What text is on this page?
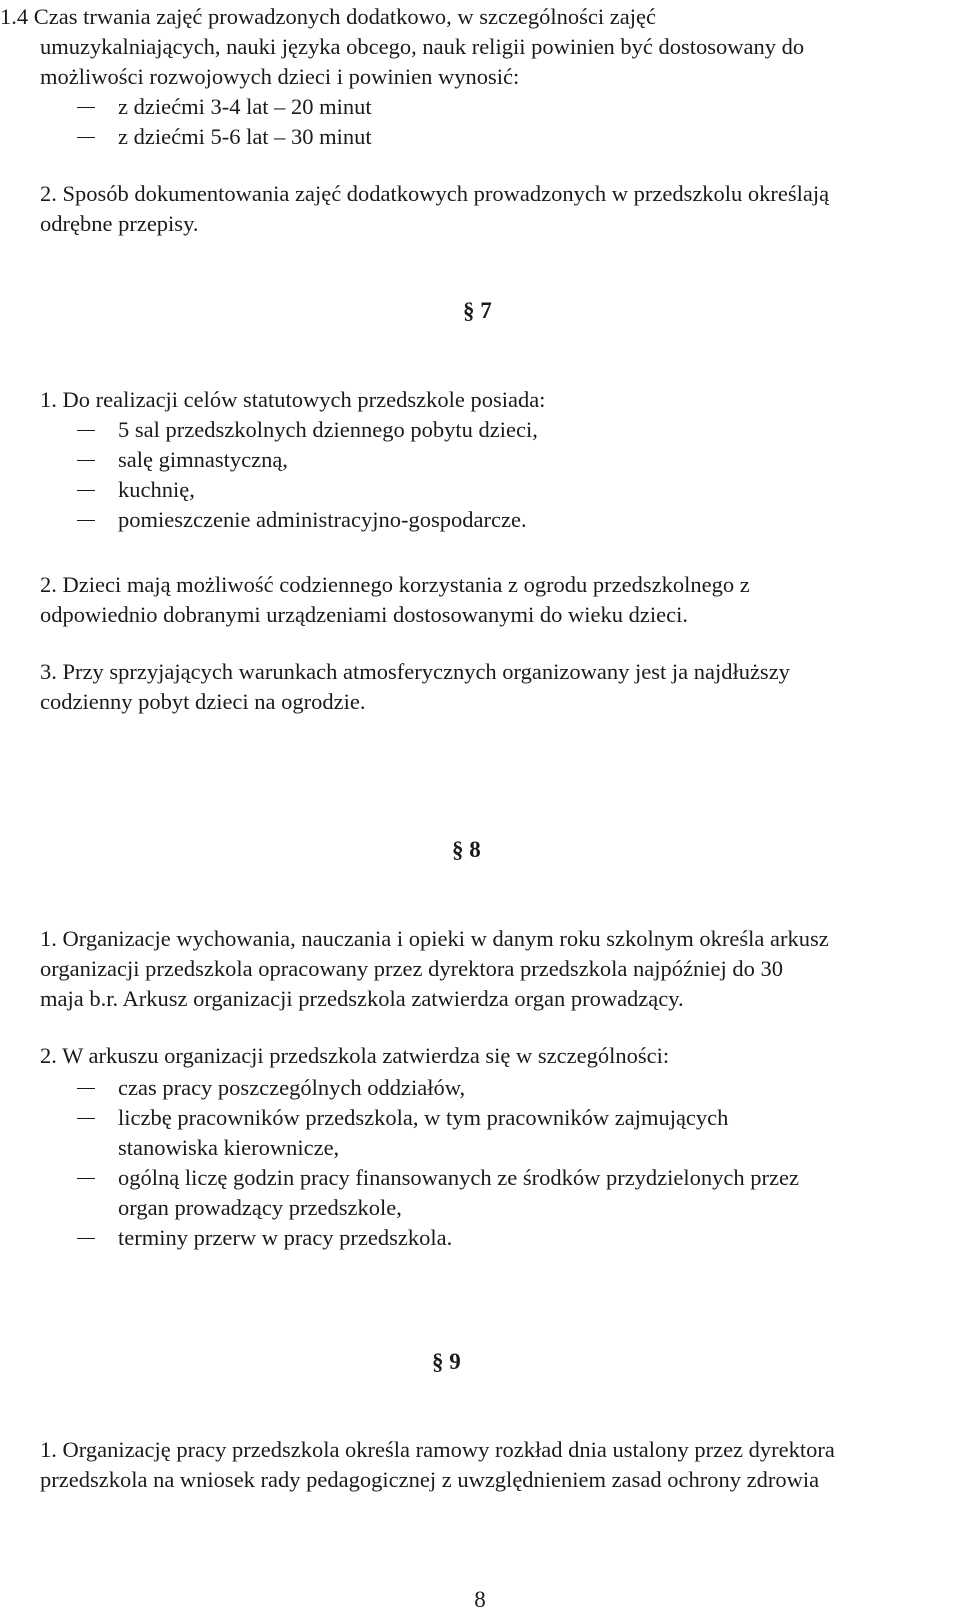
1.4 Czas trwania zajęć prowadzonych dodatkowo, w szczególności zajęć
umuzykalniających, nauki języka obcego, nauk religii powinien być dostosowany do
możliwości rozwojowych dzieci i powinien wynosić:
z dziećmi 3-4 lat – 20 minut
z dziećmi 5-6 lat – 30 minut
2. Sposób dokumentowania zajęć dodatkowych prowadzonych w przedszkolu określają
odrębne przepisy.
§ 7
1. Do realizacji celów statutowych przedszkole posiada:
5 sal przedszkolnych dziennego pobytu dzieci,
salę gimnastyczną,
kuchnię,
pomieszczenie administracyjno-gospodarcze.
2. Dzieci mają możliwość codziennego korzystania z ogrodu przedszkolnego z
odpowiednio dobranymi urządzeniami dostosowanymi do wieku dzieci.
3. Przy sprzyjających warunkach atmosferycznych organizowany jest ja najdłuższy
codzienny pobyt dzieci na ogrodzie.
§ 8
1. Organizacje wychowania, nauczania i opieki w danym roku szkolnym określa arkusz
organizacji przedszkola opracowany przez dyrektora przedszkola najpóźniej do 30
maja b.r. Arkusz organizacji przedszkola zatwierdza organ prowadzący.
2. W arkuszu organizacji przedszkola zatwierdza się w szczególności:
czas pracy poszczególnych oddziałów,
liczbę pracowników przedszkola, w tym pracowników zajmujących
stanowiska kierownicze,
ogólną liczę godzin pracy finansowanych ze środków przydzielonych przez
organ prowadzący przedszkole,
terminy przerw w pracy przedszkola.
§ 9
1. Organizację pracy przedszkola określa ramowy rozkład dnia ustalony przez dyrektora
przedszkola na wniosek rady pedagogicznej z uwzględnieniem zasad ochrony zdrowia
8
